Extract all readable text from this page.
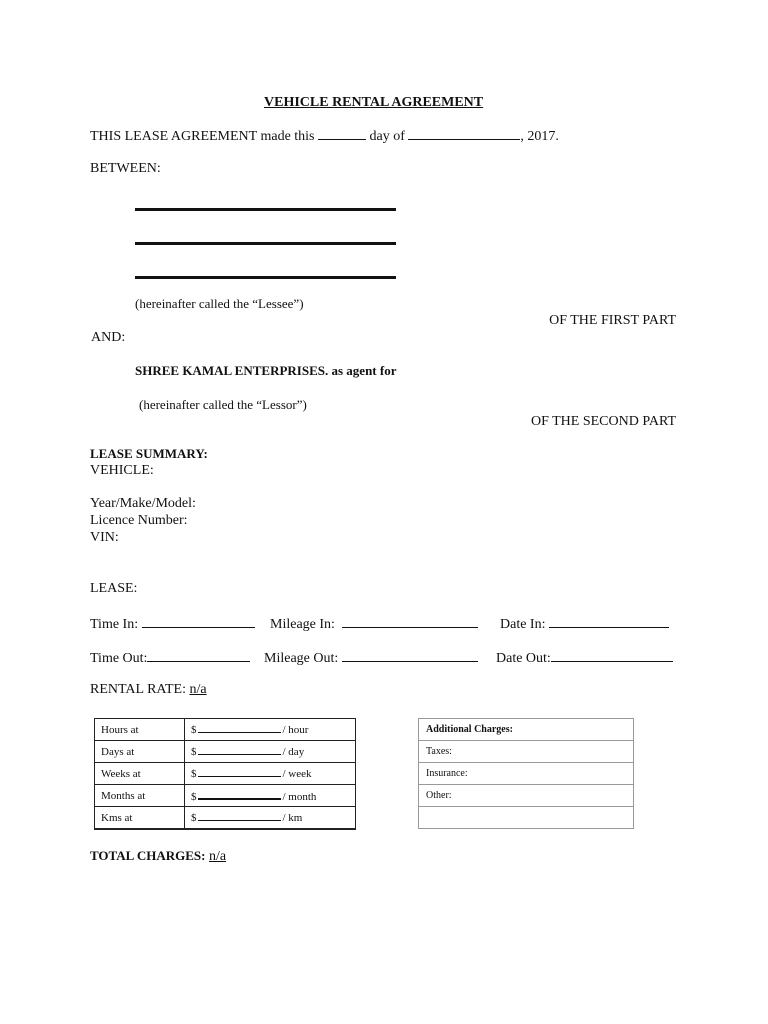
VEHICLE RENTAL AGREEMENT
THIS LEASE AGREEMENT made this	day of	, 2017.
BETWEEN:
(hereinafter called the “Lessee”)
OF THE FIRST PART
AND:
SHREE KAMAL ENTERPRISES. as agent for
(hereinafter called the “Lessor”)
OF THE SECOND PART
LEASE SUMMARY:
VEHICLE:
Year/Make/Model:
Licence Number:
VIN:
LEASE:
Time In:	Mileage In:	Date In:
Time Out:	Mileage Out:	Date Out:
RENTAL RATE: n/a
Hours at	$ / hour
Days at	$ / day
Weeks at	$ / week
Months at	$ / month
Kms at	$ / km
Additional Charges:
Taxes:
Insurance:
Other:

TOTAL CHARGES: n/a
